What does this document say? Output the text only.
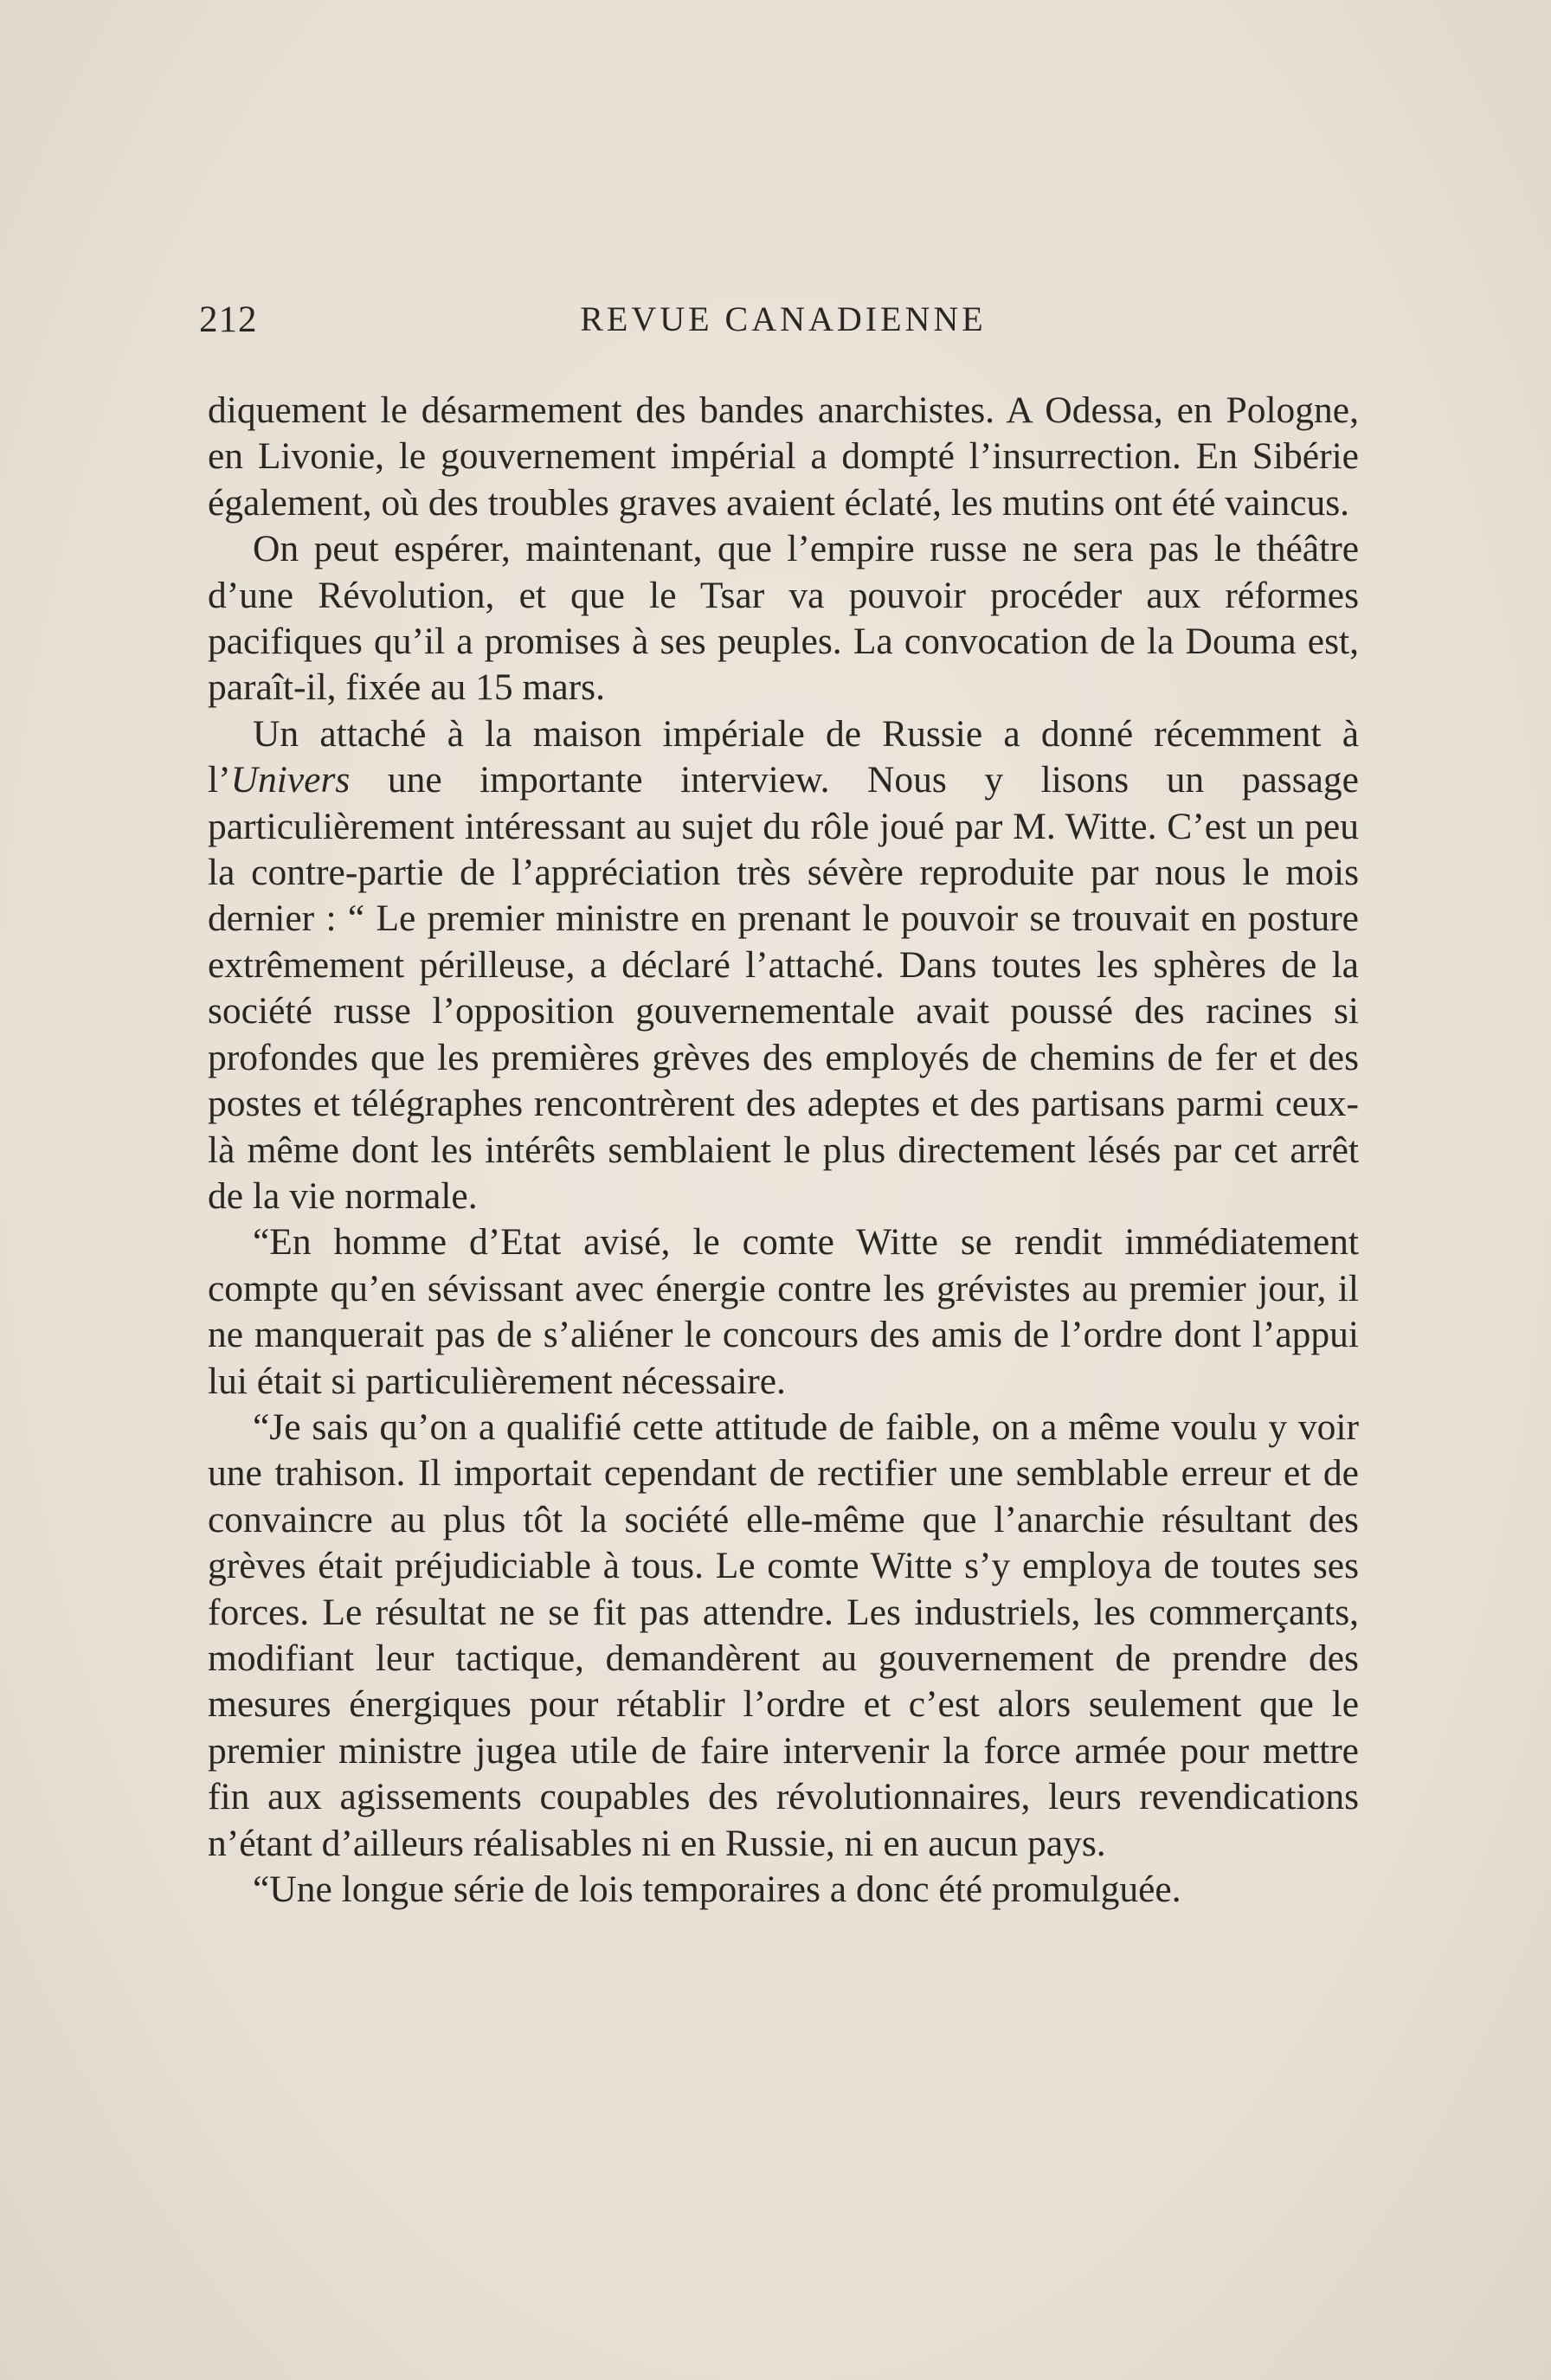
212	REVUE CANADIENNE

diquement le désarmement des bandes anarchistes. A Odessa, en Pologne, en Livonie, le gouvernement impérial a dompté l’insurrection. En Sibérie également, où des troubles graves avaient éclaté, les mutins ont été vaincus.

On peut espérer, maintenant, que l’empire russe ne sera pas le théâtre d’une Révolution, et que le Tsar va pouvoir procéder aux réformes pacifiques qu’il a promises à ses peuples. La convocation de la Douma est, paraît-il, fixée au 15 mars.

Un attaché à la maison impériale de Russie a donné récemment à l’Univers une importante interview. Nous y lisons un passage particulièrement intéressant au sujet du rôle joué par M. Witte. C’est un peu la contre-partie de l’appréciation très sévère reproduite par nous le mois dernier : “ Le premier ministre en prenant le pouvoir se trouvait en posture extrêmement périlleuse, a déclaré l’attaché. Dans toutes les sphères de la société russe l’opposition gouvernementale avait poussé des racines si profondes que les premières grèves des employés de chemins de fer et des postes et télégraphes rencontrèrent des adeptes et des partisans parmi ceux-là même dont les intérêts semblaient le plus directement lésés par cet arrêt de la vie normale.

“En homme d’Etat avisé, le comte Witte se rendit immédiatement compte qu’en sévissant avec énergie contre les grévistes au premier jour, il ne manquerait pas de s’aliéner le concours des amis de l’ordre dont l’appui lui était si particulièrement nécessaire.

“Je sais qu’on a qualifié cette attitude de faible, on a même voulu y voir une trahison. Il importait cependant de rectifier une semblable erreur et de convaincre au plus tôt la société elle-même que l’anarchie résultant des grèves était préjudiciable à tous. Le comte Witte s’y employa de toutes ses forces. Le résultat ne se fit pas attendre. Les industriels, les commerçants, modifiant leur tactique, demandèrent au gouvernement de prendre des mesures énergiques pour rétablir l’ordre et c’est alors seulement que le premier ministre jugea utile de faire intervenir la force armée pour mettre fin aux agissements coupables des révolutionnaires, leurs revendications n’étant d’ailleurs réalisables ni en Russie, ni en aucun pays.

“Une longue série de lois temporaires a donc été promulguée.
